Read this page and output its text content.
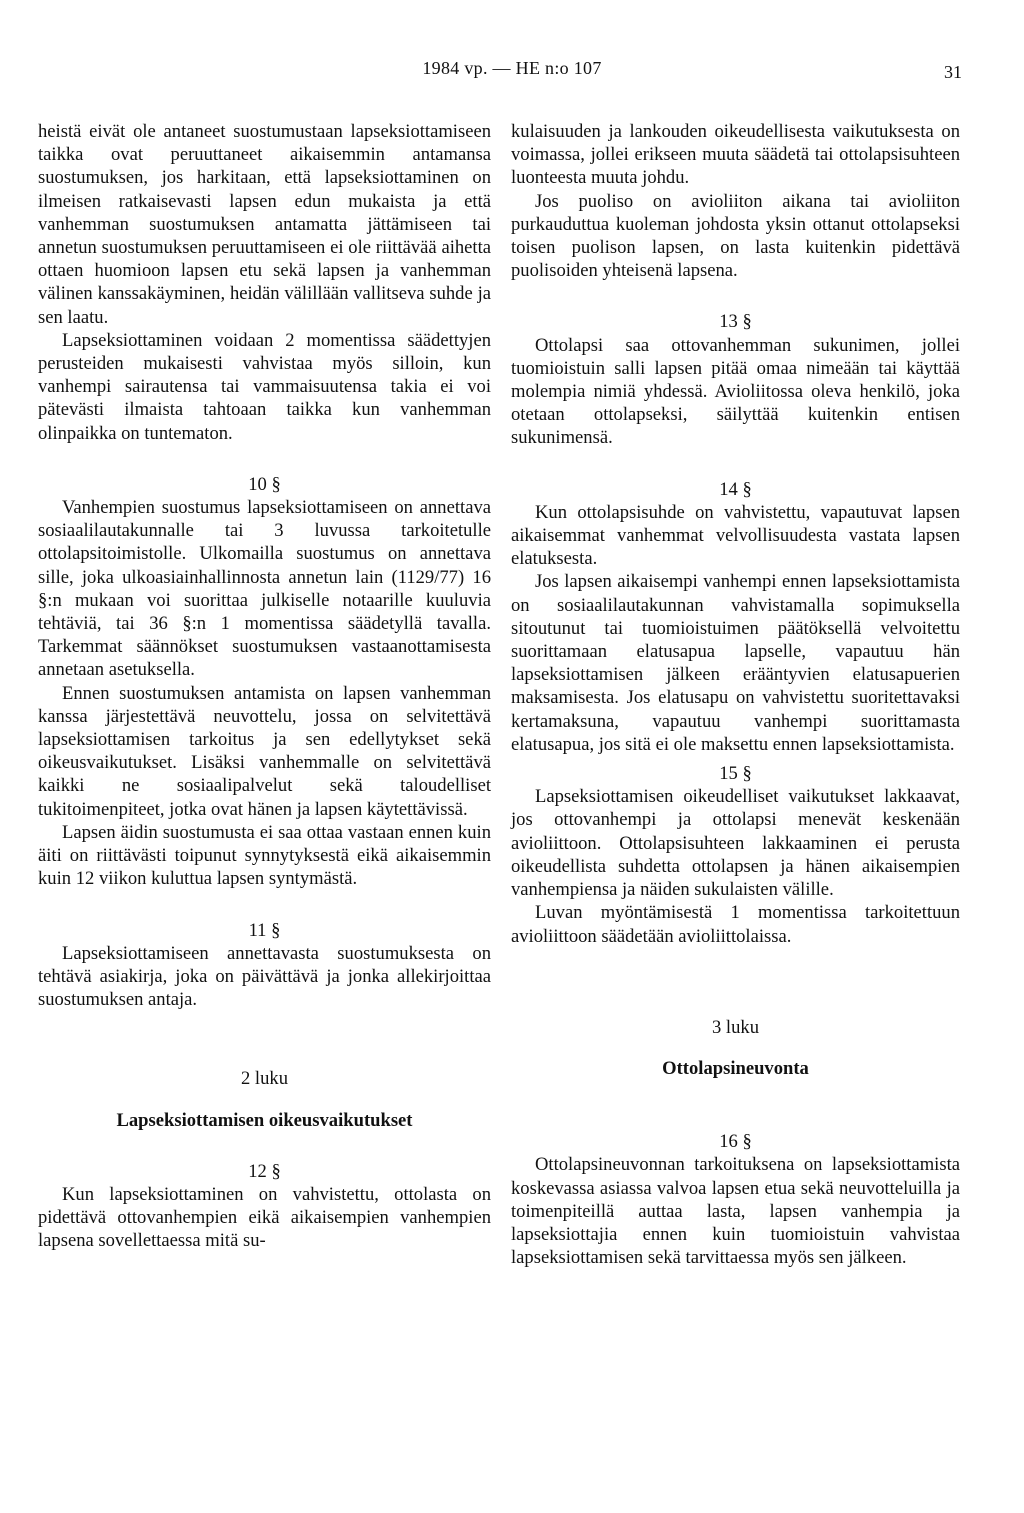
1984 vp. — HE n:o 107	31

heistä eivät ole antaneet suostumustaan lapseksiottamiseen taikka ovat peruuttaneet aikaisemmin antamansa suostumuksen, jos harkitaan, että lapseksiottaminen on ilmeisen ratkaisevasti lapsen edun mukaista ja että vanhemman suostumuksen antamatta jättämiseen tai annetun suostumuksen peruuttamiseen ei ole riittävää aihetta ottaen huomioon lapsen etu sekä lapsen ja vanhemman välinen kanssakäyminen, heidän välillään vallitseva suhde ja sen laatu.

Lapseksiottaminen voidaan 2 momentissa säädettyjen perusteiden mukaisesti vahvistaa myös silloin, kun vanhempi sairautensa tai vammaisuutensa takia ei voi pätevästi ilmaista tahtoaan taikka kun vanhemman olinpaikka on tuntematon.

10 §

Vanhempien suostumus lapseksiottamiseen on annettava sosiaalilautakunnalle tai 3 luvussa tarkoitetulle ottolapsitoimistolle. Ulkomailla suostumus on annettava sille, joka ulkoasiainhallinnosta annetun lain (1129/77) 16 §:n mukaan voi suorittaa julkiselle notaarille kuuluvia tehtäviä, tai 36 §:n 1 momentissa säädetyllä tavalla. Tarkemmat säännökset suostumuksen vastaanottamisesta annetaan asetuksella.

Ennen suostumuksen antamista on lapsen vanhemman kanssa järjestettävä neuvottelu, jossa on selvitettävä lapseksiottamisen tarkoitus ja sen edellytykset sekä oikeusvaikutukset. Lisäksi vanhemmalle on selvitettävä kaikki ne sosiaalipalvelut sekä taloudelliset tukitoimenpiteet, jotka ovat hänen ja lapsen käytettävissä.

Lapsen äidin suostumusta ei saa ottaa vastaan ennen kuin äiti on riittävästi toipunut synnytyksestä eikä aikaisemmin kuin 12 viikon kuluttua lapsen syntymästä.

11 §

Lapseksiottamiseen annettavasta suostumuksesta on tehtävä asiakirja, joka on päivättävä ja jonka allekirjoittaa suostumuksen antaja.

2 luku

Lapseksiottamisen oikeusvaikutukset

12 §

Kun lapseksiottaminen on vahvistettu, ottolasta on pidettävä ottovanhempien eikä aikaisempien vanhempien lapsena sovellettaessa mitä su-

kulaisuuden ja lankouden oikeudellisesta vaikutuksesta on voimassa, jollei erikseen muuta säädetä tai ottolapsisuhteen luonteesta muuta johdu.

Jos puoliso on avioliiton aikana tai avioliiton purkauduttua kuoleman johdosta yksin ottanut ottolapseksi toisen puolison lapsen, on lasta kuitenkin pidettävä puolisoiden yhteisenä lapsena.

13 §

Ottolapsi saa ottovanhemman sukunimen, jollei tuomioistuin salli lapsen pitää omaa nimeään tai käyttää molempia nimiä yhdessä. Avioliitossa oleva henkilö, joka otetaan ottolapseksi, säilyttää kuitenkin entisen sukunimensä.

14 §

Kun ottolapsisuhde on vahvistettu, vapautuvat lapsen aikaisemmat vanhemmat velvollisuudesta vastata lapsen elatuksesta.

Jos lapsen aikaisempi vanhempi ennen lapseksiottamista on sosiaalilautakunnan vahvistamalla sopimuksella sitoutunut tai tuomioistuimen päätöksellä velvoitettu suorittamaan elatusapua lapselle, vapautuu hän lapseksiottamisen jälkeen erääntyvien elatusapuerien maksamisesta. Jos elatusapu on vahvistettu suoritettavaksi kertamaksuna, vapautuu vanhempi suorittamasta elatusapua, jos sitä ei ole maksettu ennen lapseksiottamista.

15 §

Lapseksiottamisen oikeudelliset vaikutukset lakkaavat, jos ottovanhempi ja ottolapsi menevät keskenään avioliittoon. Ottolapsisuhteen lakkaaminen ei perusta oikeudellista suhdetta ottolapsen ja hänen aikaisempien vanhempiensa ja näiden sukulaisten välille.

Luvan myöntämisestä 1 momentissa tarkoitettuun avioliittoon säädetään avioliittolaissa.

3 luku

Ottolapsineuvonta

16 §

Ottolapsineuvonnan tarkoituksena on lapseksiottamista koskevassa asiassa valvoa lapsen etua sekä neuvotteluilla ja toimenpiteillä auttaa lasta, lapsen vanhempia ja lapseksiottajia ennen kuin tuomioistuin vahvistaa lapseksiottamisen sekä tarvittaessa myös sen jälkeen.
